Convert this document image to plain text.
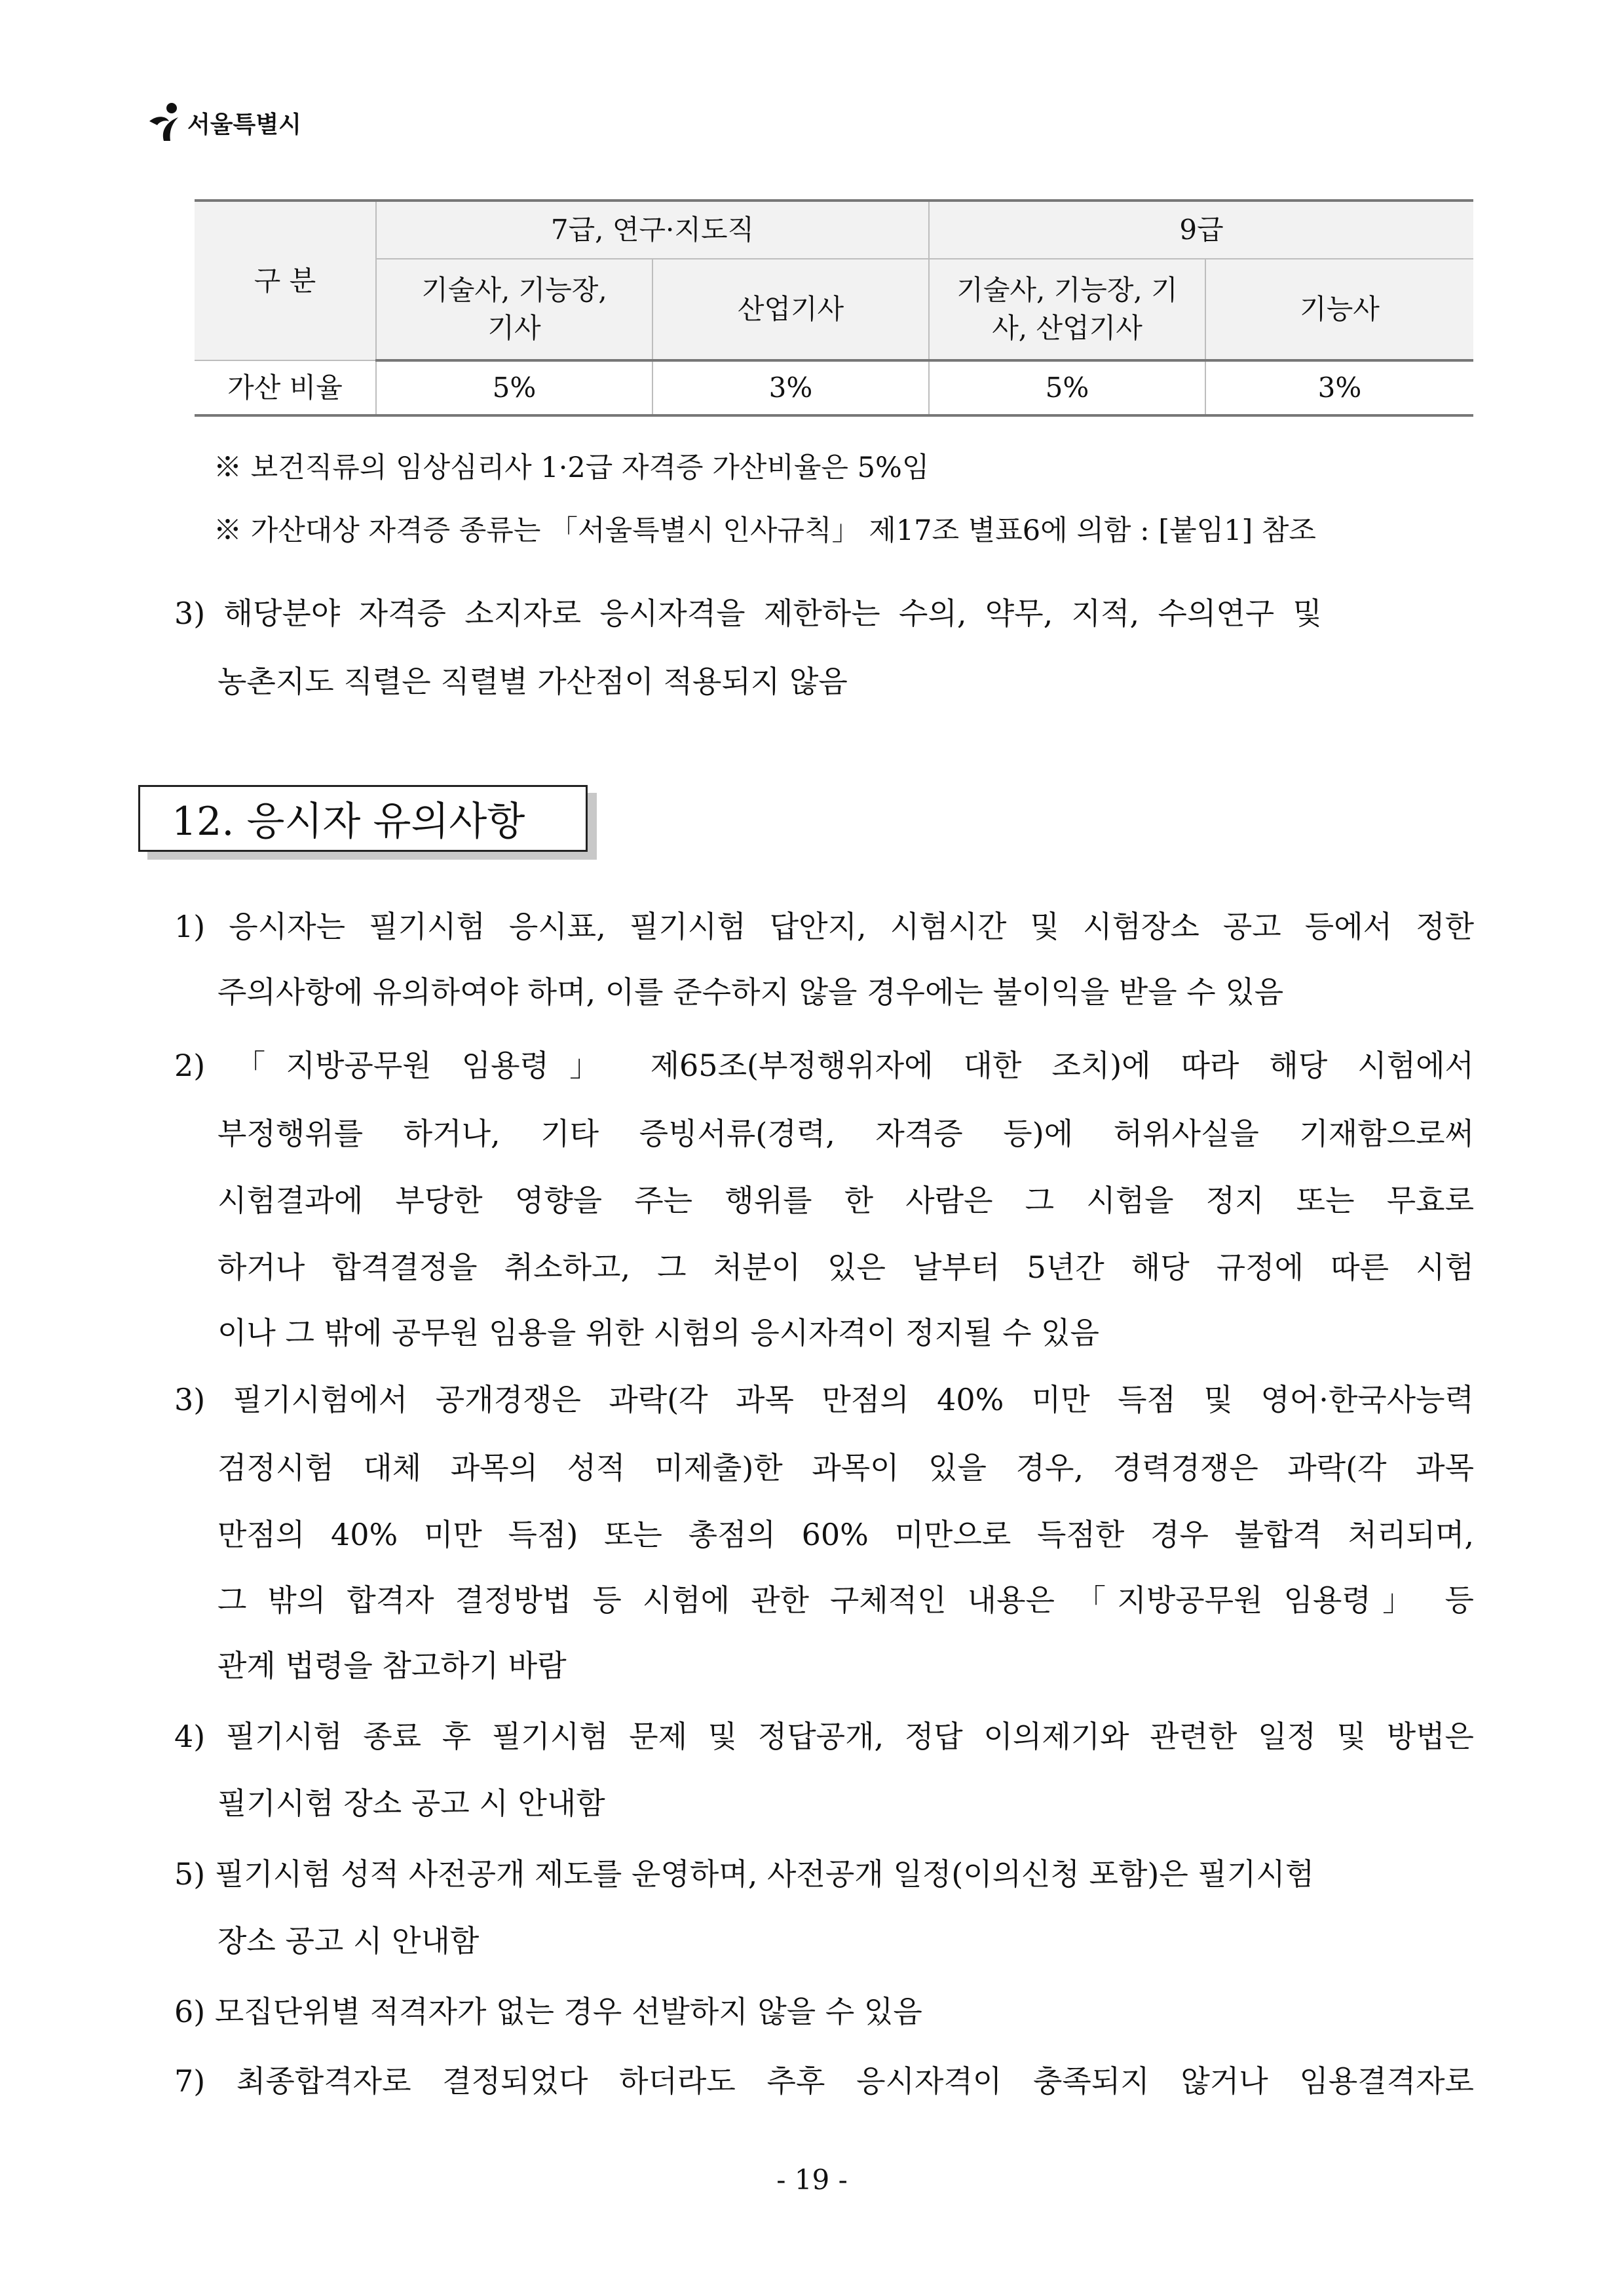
서울특별시
구 분	7급, 연구·지도직		9급	

	기술사, 기능장, 기사	산업기사	기술사, 기능장, 기사, 산업기사	기능사
가산 비율	5%	3%	5%	3%
※ 보건직류의 임상심리사 1·2급 자격증 가산비율은 5%임
※ 가산대상 자격증 종류는 「서울특별시 인사규칙」 제17조 별표6에 의함 : [붙임1] 참조
3) 해당분야 자격증 소지자로 응시자격을 제한하는 수의, 약무, 지적, 수의연구 및
농촌지도 직렬은 직렬별 가산점이 적용되지 않음
12. 응시자 유의사항
1) 응시자는 필기시험 응시표, 필기시험 답안지, 시험시간 및 시험장소 공고 등에서 정한
주의사항에 유의하여야 하며, 이를 준수하지 않을 경우에는 불이익을 받을 수 있음
2) 「지방공무원 임용령」 제65조(부정행위자에 대한 조치)에 따라 해당 시험에서
부정행위를 하거나, 기타 증빙서류(경력, 자격증 등)에 허위사실을 기재함으로써
시험결과에 부당한 영향을 주는 행위를 한 사람은 그 시험을 정지 또는 무효로
하거나 합격결정을 취소하고, 그 처분이 있은 날부터 5년간 해당 규정에 따른 시험
이나 그 밖에 공무원 임용을 위한 시험의 응시자격이 정지될 수 있음
3) 필기시험에서 공개경쟁은 과락(각 과목 만점의 40% 미만 득점 및 영어·한국사능력
검정시험 대체 과목의 성적 미제출)한 과목이 있을 경우, 경력경쟁은 과락(각 과목
만점의 40% 미만 득점) 또는 총점의 60% 미만으로 득점한 경우 불합격 처리되며,
그 밖의 합격자 결정방법 등 시험에 관한 구체적인 내용은 「지방공무원 임용령」 등
관계 법령을 참고하기 바람
4) 필기시험 종료 후 필기시험 문제 및 정답공개, 정답 이의제기와 관련한 일정 및 방법은
필기시험 장소 공고 시 안내함
5) 필기시험 성적 사전공개 제도를 운영하며, 사전공개 일정(이의신청 포함)은 필기시험
장소 공고 시 안내함
6) 모집단위별 적격자가 없는 경우 선발하지 않을 수 있음
7) 최종합격자로 결정되었다 하더라도 추후 응시자격이 충족되지 않거나 임용결격자로
- 19 -
